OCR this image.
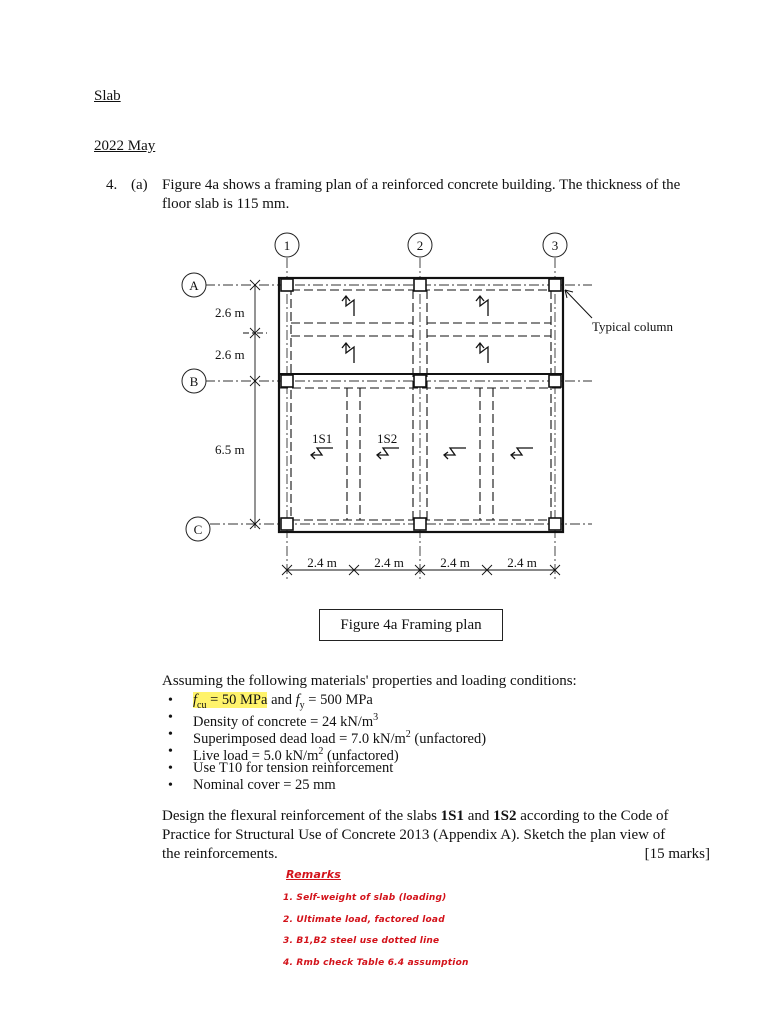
Slab
2022 May
4. (a) Figure 4a shows a framing plan of a reinforced concrete building. The thickness of the
floor slab is 115 mm.
1	2	3
A
B
C
1S1	1S2
2.6 m
2.6 m
6.5 m
2.4 m	2.4 m	2.4 m	2.4 m
Typical column
Figure 4a Framing plan
Assuming the following materials' properties and loading conditions:
• $f_{cu} = 50$ MPa and $f_y = 500$ MPa
• Density of concrete = 24 $kN/m^3$
• Superimposed dead load = 7.0 $kN/m^2$ (unfactored)
• Live load = 5.0 $kN/m^2$ (unfactored)
• Use T10 for tension reinforcement
• Nominal cover = 25 mm
Design the flexural reinforcement of the slabs 1S1 and 1S2 according to the Code of
Practice for Structural Use of Concrete 2013 (Appendix A). Sketch the plan view of
the reinforcements.	[15 marks]
Remarks
1. Self-weight of slab (loading)
2. Ultimate load, factored load
3. B1,B2 steel use dotted line
4. Rmb check Table 6.4 assumption
